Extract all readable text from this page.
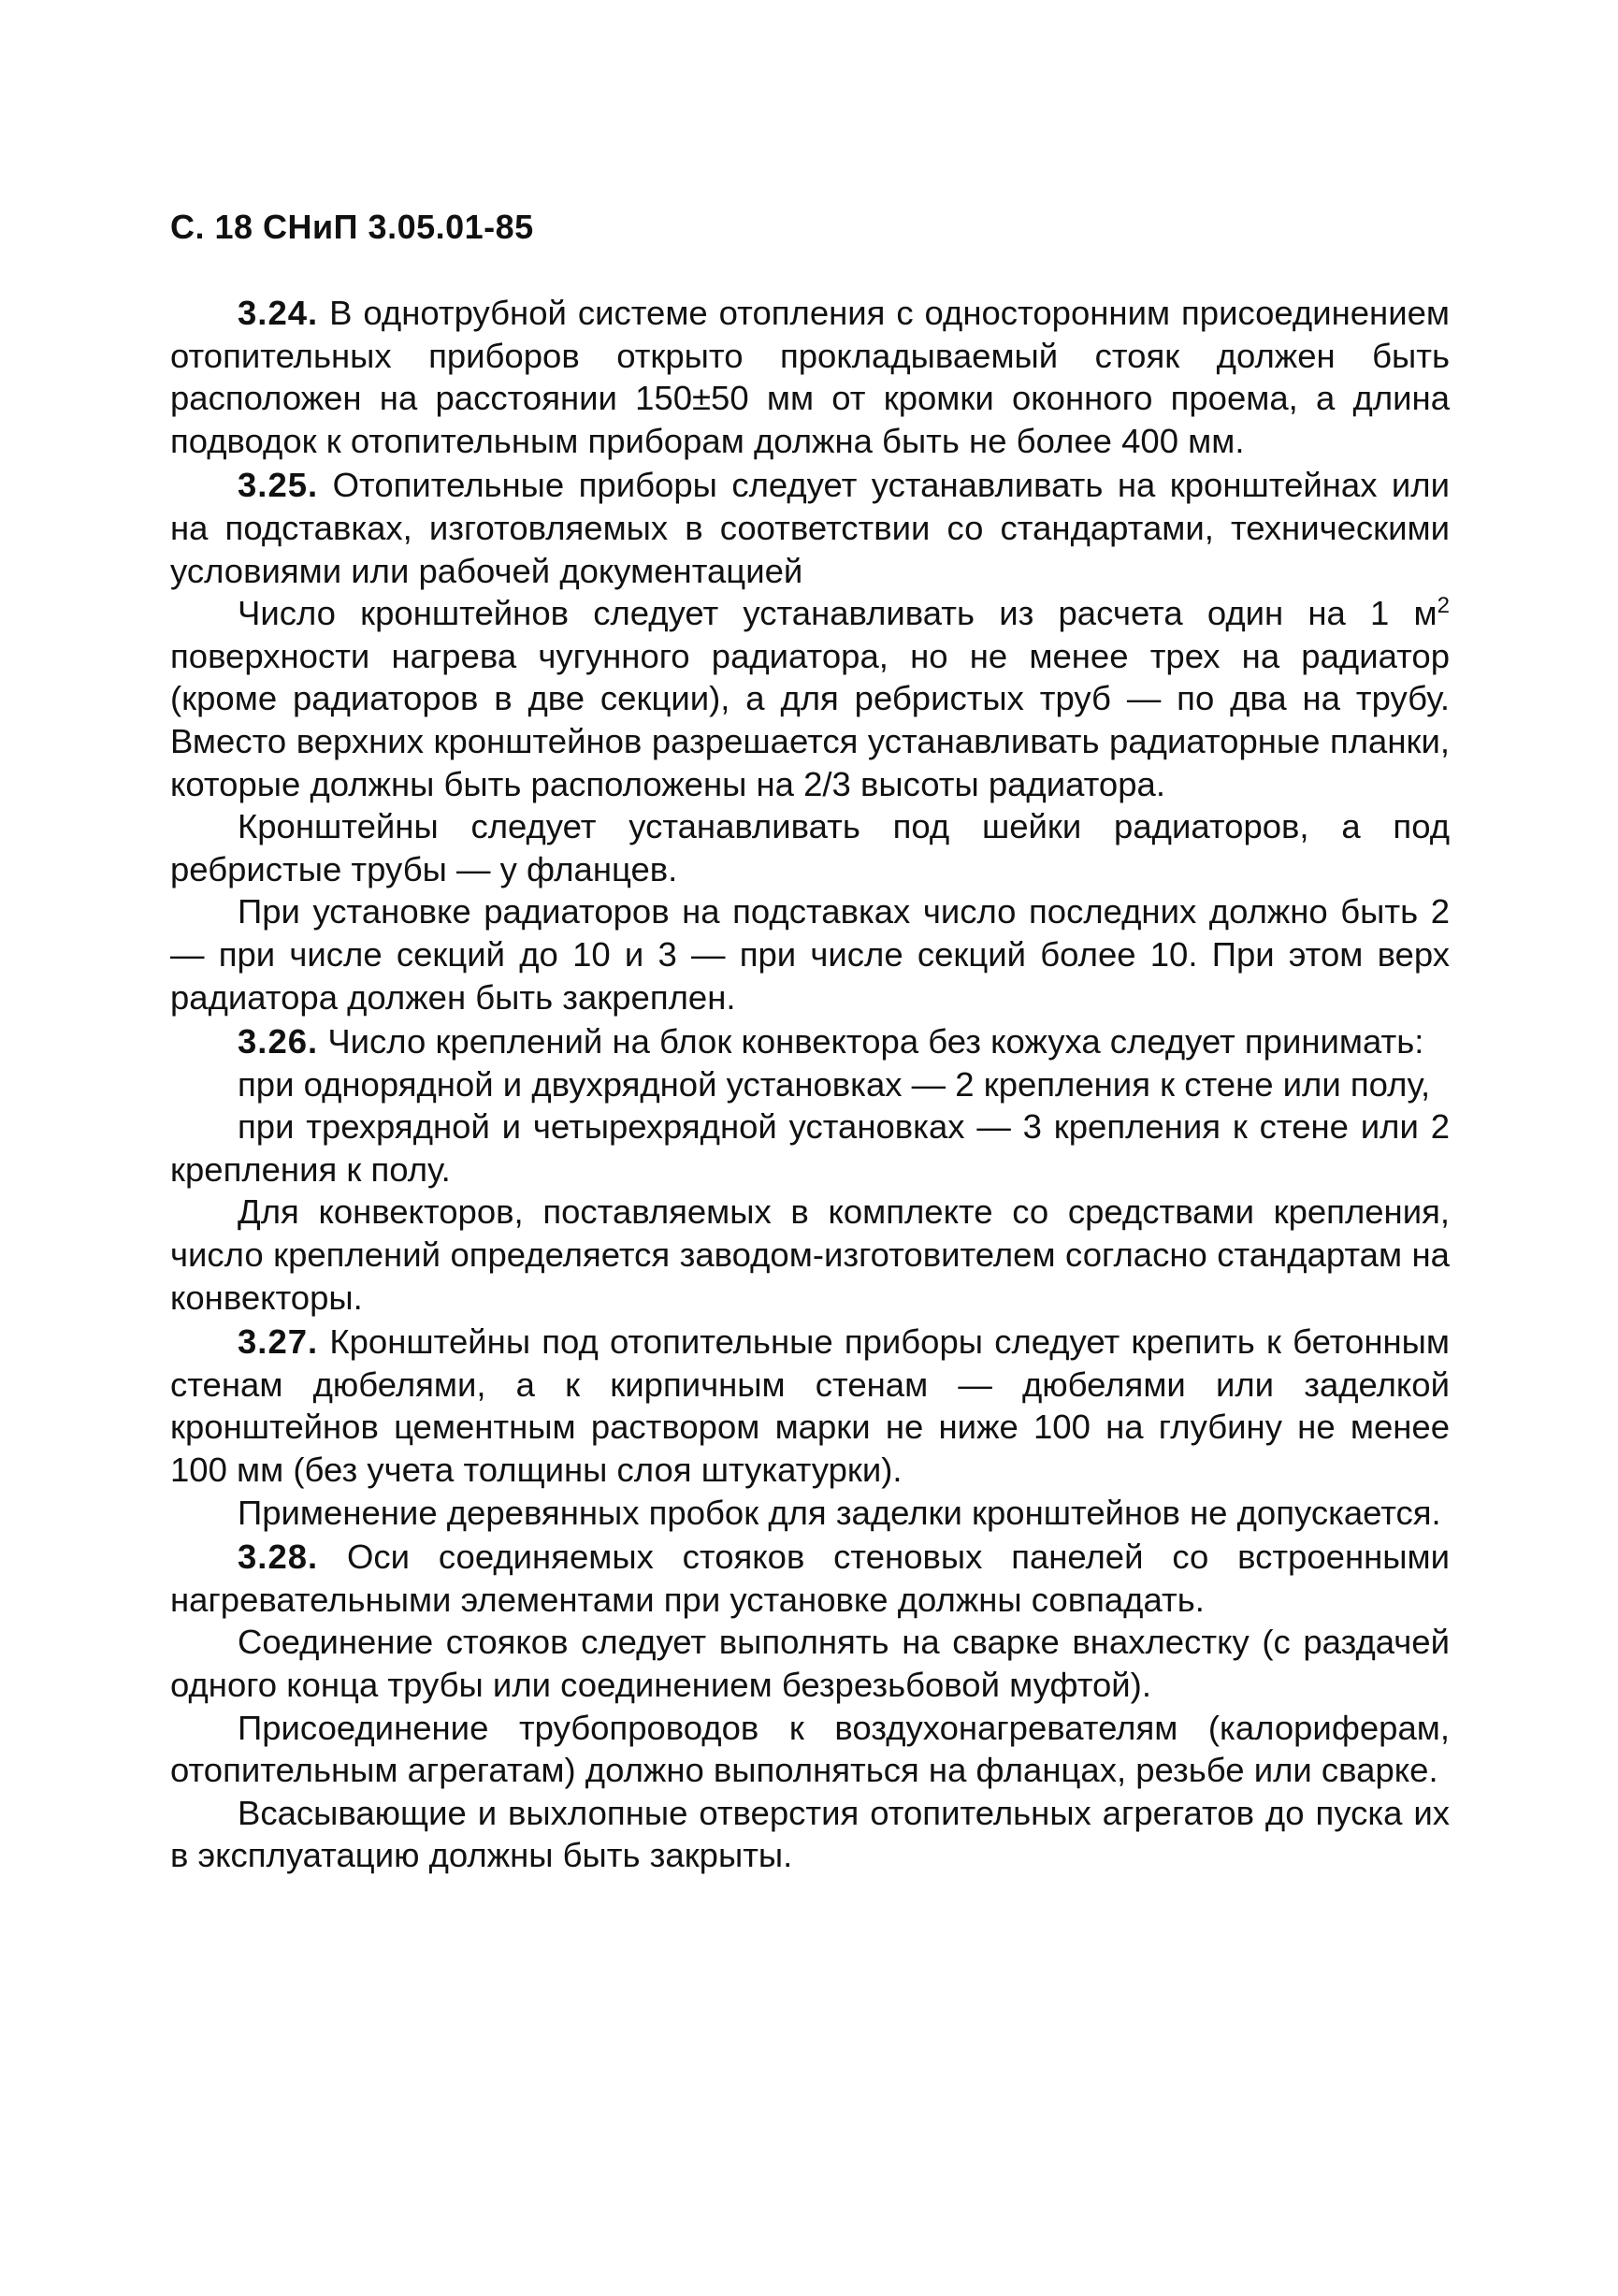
С. 18 СНиП 3.05.01-85

3.24. В однотрубной системе отопления с односторонним присоединением отопительных приборов открыто прокладываемый стояк должен быть расположен на расстоянии 150±50 мм от кромки оконного проема, а длина подводок к отопительным приборам должна быть не более 400 мм.

3.25. Отопительные приборы следует устанавливать на кронштейнах или на подставках, изготовляемых в соответствии со стандартами, техническими условиями или рабочей документацией

Число кронштейнов следует устанавливать из расчета один на 1 $м^2$ поверхности нагрева чугунного радиатора, но не менее трех на радиатор (кроме радиаторов в две секции), а для ребристых труб — по два на трубу. Вместо верхних кронштейнов разрешается устанавливать радиаторные планки, которые должны быть расположены на 2/3 высоты радиатора.

Кронштейны следует устанавливать под шейки радиаторов, а под ребристые трубы — у фланцев.

При установке радиаторов на подставках число последних должно быть 2 — при числе секций до 10 и 3 — при числе секций более 10. При этом верх радиатора должен быть закреплен.

3.26. Число креплений на блок конвектора без кожуха следует принимать:

при однорядной и двухрядной установках — 2 крепления к стене или полу,

при трехрядной и четырехрядной установках — 3 крепления к стене или 2 крепления к полу.

Для конвекторов, поставляемых в комплекте со средствами крепления, число креплений определяется заводом-изготовителем согласно стандартам на конвекторы.

3.27. Кронштейны под отопительные приборы следует крепить к бетонным стенам дюбелями, а к кирпичным стенам — дюбелями или заделкой кронштейнов цементным раствором марки не ниже 100 на глубину не менее 100 мм (без учета толщины слоя штукатурки).

Применение деревянных пробок для заделки кронштейнов не допускается.

3.28. Оси соединяемых стояков стеновых панелей со встроенными нагревательными элементами при установке должны совпадать.

Соединение стояков следует выполнять на сварке внахлестку (с раздачей одного конца трубы или соединением безрезьбовой муфтой).

Присоединение трубопроводов к воздухонагревателям (калориферам, отопительным агрегатам) должно выполняться на фланцах, резьбе или сварке.

Всасывающие и выхлопные отверстия отопительных агрегатов до пуска их в эксплуатацию должны быть закрыты.
